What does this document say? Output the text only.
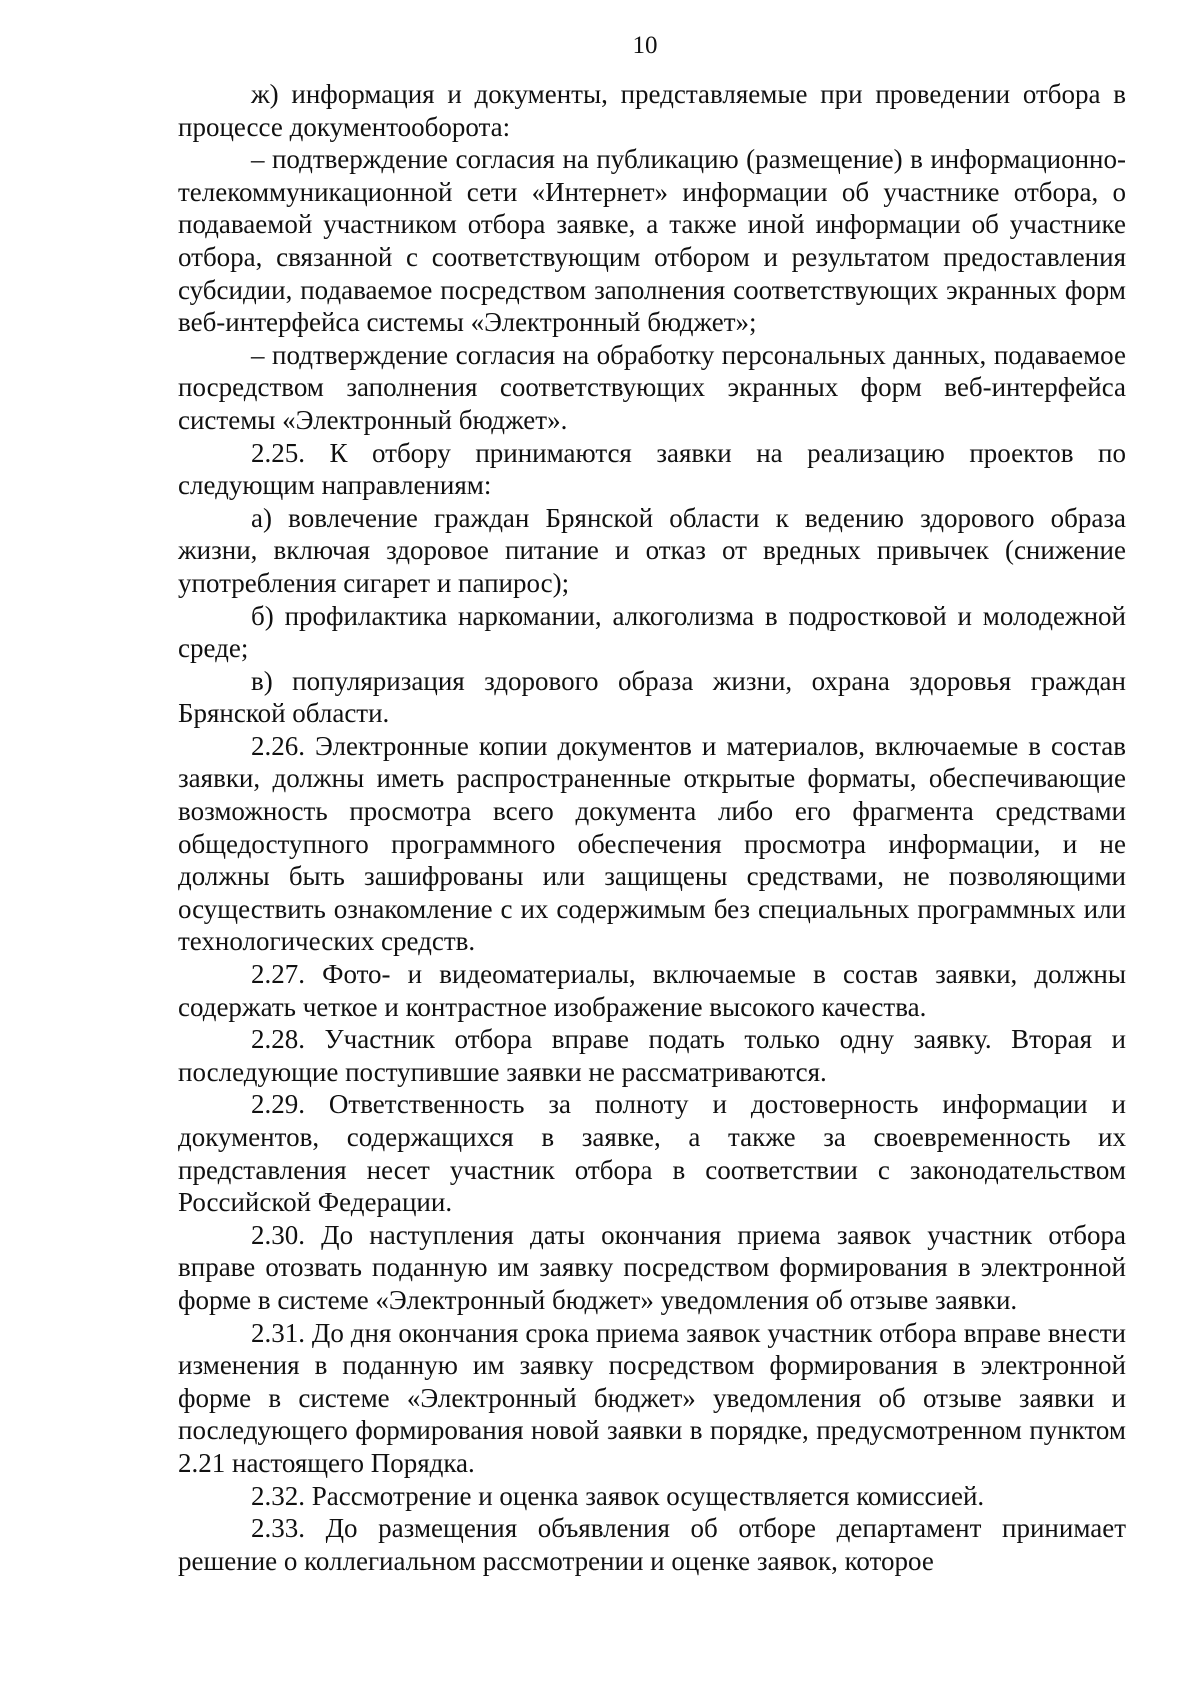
10

ж) информация и документы, представляемые при проведении отбора в процессе документооборота:

– подтверждение согласия на публикацию (размещение) в информационно-телекоммуникационной сети «Интернет» информации об участнике отбора, о подаваемой участником отбора заявке, а также иной информации об участнике отбора, связанной с соответствующим отбором и результатом предоставления субсидии, подаваемое посредством заполнения соответствующих экранных форм веб-интерфейса системы «Электронный бюджет»;

– подтверждение согласия на обработку персональных данных, подаваемое посредством заполнения соответствующих экранных форм веб-интерфейса системы «Электронный бюджет».

2.25. К отбору принимаются заявки на реализацию проектов по следующим направлениям:

а) вовлечение граждан Брянской области к ведению здорового образа жизни, включая здоровое питание и отказ от вредных привычек (снижение употребления сигарет и папирос);

б) профилактика наркомании, алкоголизма в подростковой и молодежной среде;

в) популяризация здорового образа жизни, охрана здоровья граждан Брянской области.

2.26. Электронные копии документов и материалов, включаемые в состав заявки, должны иметь распространенные открытые форматы, обеспечивающие возможность просмотра всего документа либо его фрагмента средствами общедоступного программного обеспечения просмотра информации, и не должны быть зашифрованы или защищены средствами, не позволяющими осуществить ознакомление с их содержимым без специальных программных или технологических средств.

2.27. Фото- и видеоматериалы, включаемые в состав заявки, должны содержать четкое и контрастное изображение высокого качества.

2.28. Участник отбора вправе подать только одну заявку. Вторая и последующие поступившие заявки не рассматриваются.

2.29. Ответственность за полноту и достоверность информации и документов, содержащихся в заявке, а также за своевременность их представления несет участник отбора в соответствии с законодательством Российской Федерации.

2.30. До наступления даты окончания приема заявок участник отбора вправе отозвать поданную им заявку посредством формирования в электронной форме в системе «Электронный бюджет» уведомления об отзыве заявки.

2.31. До дня окончания срока приема заявок участник отбора вправе внести изменения в поданную им заявку посредством формирования в электронной форме в системе «Электронный бюджет» уведомления об отзыве заявки и последующего формирования новой заявки в порядке, предусмотренном пунктом 2.21 настоящего Порядка.

2.32. Рассмотрение и оценка заявок осуществляется комиссией.

2.33. До размещения объявления об отборе департамент принимает решение о коллегиальном рассмотрении и оценке заявок, которое
